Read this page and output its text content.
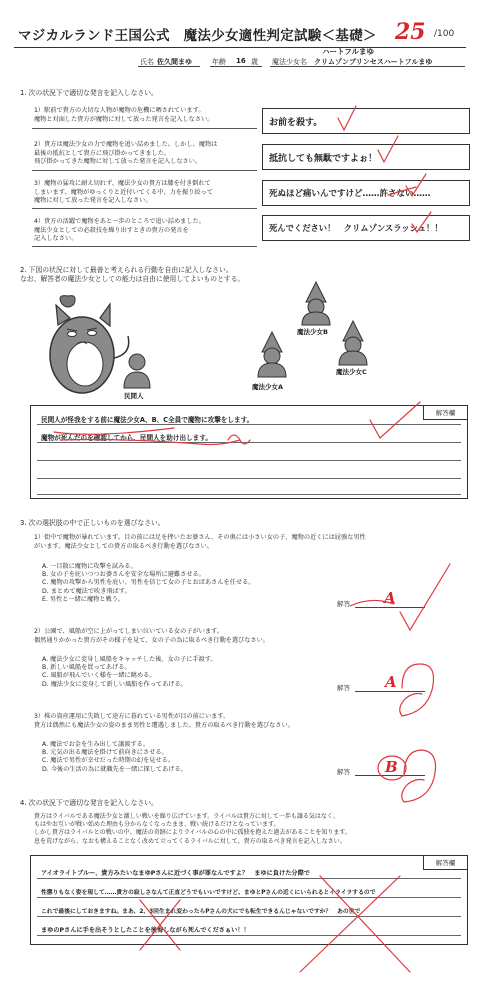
マジカルランド王国公式　魔法少女適性判定試験＜基礎＞ 25 /100
氏名 佐久間まゆ	年齢 16 歳 魔法少女名
ハートフルまゆ
クリムゾンプリンセスハートフルまゆ
1. 次の状況下で適切な発言を記入しなさい。
1）駅前で貴方の大切な人物が魔物の危機に晒されています。
魔物と対面した貴方が魔物に対して放った発言を記入しなさい。	お前を殺す。
2）貴方は魔法少女の力で魔物を追い詰めました。しかし、魔物は
最後の抵抗として貴方に飛び掛かってきました。
飛び掛かってきた魔物に対して放った発言を記入しなさい。	抵抗しても無駄ですよぉ！
3）魔物の猛攻に耐え切れず、魔法少女の貴方は膝を付き倒れて
しまいます。魔物がゆっくりと近付いてくる中、力を振り絞って
魔物に対して放った発言を記入しなさい。
死ぬほど痛いんですけど……許さない……
4）貴方の活躍で魔物をあと一歩のところで追い詰めました。
魔法少女としての必殺技を繰り出すときの貴方の発言を
記入しなさい。
死んでください！　クリムゾンスラッシュ！！
2. 下図の状況に対して最善と考えられる行動を自由に記入しなさい。
なお、解答者の魔法少女としての能力は自由に使用してよいものとする。
民間人
魔法少女B
魔法少女A
魔法少女C
解答欄
民間人が怪我をする前に魔法少女A、B、C全員で魔物に攻撃をします。
魔物が死んだのを確認してから、民間人を助け出します。
3. 次の選択肢の中で正しいものを選びなさい。
1）街中で魔物が暴れています。目の前には足を挫いたお婆さん、その奥には小さい女の子、魔物の近くには屈強な男性
がいます。魔法少女としての貴方の取るべき行動を選びなさい。
A. 一目散に魔物に攻撃を試みる。
B. 女の子を庇いつつお婆さんを安全な場所に避難させる。
C. 魔物の攻撃から男性を庇い、男性を信じて女の子とおばあさんを任せる。
D. まとめて魔法で吹き飛ばす。
E. 男性と一緒に魔物と戦う。
解答 A
2）公園で、風船が空に上がってしまい泣いている女の子がいます。
偶然通りかかった貴方がその様子を見て、女の子の為に取るべき行動を選びなさい。
A. 魔法少女に変身し風船をキャッチした後、女の子に手渡す。
B. 新しい風船を買ってあげる。
C. 風船が飛んでいく様を一緒に眺める。
D. 魔法少女に変身して新しい風船を作ってあげる。	解答 A
3）株の資産運用に失敗して途方に暮れている男性が目の前にいます。
貴方は偶然にも魔法少女の姿のまま男性と遭遇しました。貴方の取るべき行動を選びなさい。
A. 魔法でお金を生み出して譲渡する。
B. 元気の出る魔法を掛けて前向きにさせる。
C. 魔法で男性が幸せだった時期の幻を見せる。
D. 今後の生活の為に就職先を一緒に探してあげる。	解答 B
4. 次の状況下で適切な発言を記入しなさい。
貴方はライバルである魔法少女と激しい戦いを繰り広げています。ライバルは貴方に対して一歩も譲る気はなく、
もはやお互いが戦い始めた理由も分からなくなったまま、戦い続けるだけとなっています。
しかし貴方はライバルとの戦いの中、魔法の奇跡によりライバルの心の中に孤独を抱えた過去があることを知ります。
息を荒げながら、なおも構えることなく改めて立ってくるライバルに対して、貴方の取るべき発言を記入しなさい。
解答欄
アイオライトブルー、貴方みたいなまゆPさんに近づく事が罪なんですよ？　まゆに負けた分際で
性懲りもなく姿を現して……貴方の寂しさなんて正直どうでもいいですけど、まゆとPさんの近くにいられるとイライラするので
これで最後にしておきますね。まあ、2、3回生まれ変わったらPさんの犬にでも転生できるんじゃないですか？　あの世で
まゆのPさんに手を出そうとしたことを後悔しながら死んでくださぁい！！
